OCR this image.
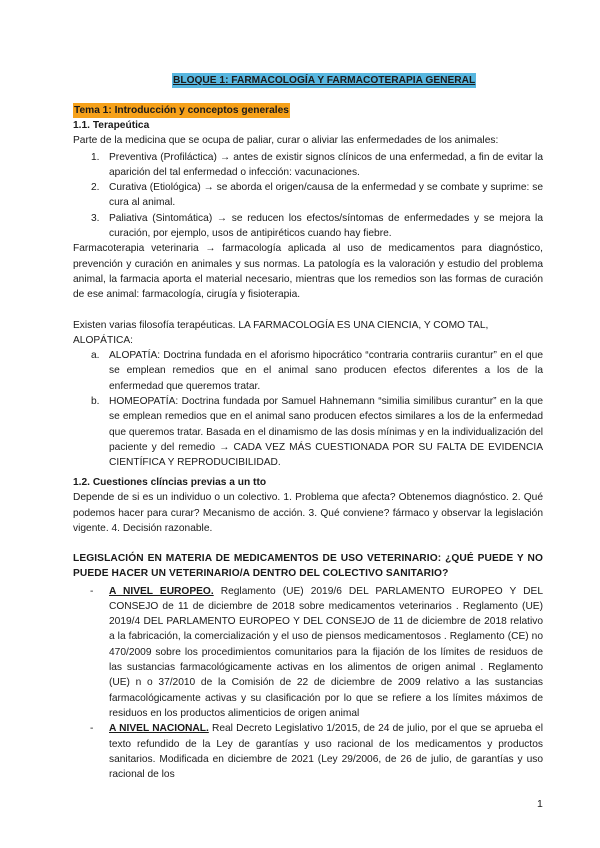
BLOQUE 1: FARMACOLOGÍA Y FARMACOTERAPIA GENERAL
Tema 1: Introducción y conceptos generales
1.1. Terapeútica
Parte de la medicina que se ocupa de paliar, curar o aliviar las enfermedades de los animales:
1. Preventiva (Profiláctica) → antes de existir signos clínicos de una enfermedad, a fin de evitar la aparición del tal enfermedad o infección: vacunaciones.
2. Curativa (Etiológica) → se aborda el origen/causa de la enfermedad y se combate y suprime: se cura al animal.
3. Paliativa (Sintomática) → se reducen los efectos/síntomas de enfermedades y se mejora la curación, por ejemplo, usos de antipiréticos cuando hay fiebre.
Farmacoterapia veterinaria → farmacología aplicada al uso de medicamentos para diagnóstico, prevención y curación en animales y sus normas. La patología es la valoración y estudio del problema animal, la farmacia aporta el material necesario, mientras que los remedios son las formas de curación de ese animal: farmacología, cirugía y fisioterapia.
Existen varias filosofía terapéuticas. LA FARMACOLOGÍA ES UNA CIENCIA, Y COMO TAL, ALOPÁTICA:
a. ALOPATÍA: Doctrina fundada en el aforismo hipocrático “contraria contrariis curantur” en el que se emplean remedios que en el animal sano producen efectos diferentes a los de la enfermedad que queremos tratar.
b. HOMEOPATÍA: Doctrina fundada por Samuel Hahnemann “similia similibus curantur” en la que se emplean remedios que en el animal sano producen efectos similares a los de la enfermedad que queremos tratar. Basada en el dinamismo de las dosis mínimas y en la individualización del paciente y del remedio → CADA VEZ MÁS CUESTIONADA POR SU FALTA DE EVIDENCIA CIENTÍFICA Y REPRODUCIBILIDAD.
1.2. Cuestiones clíncias previas a un tto
Depende de si es un individuo o un colectivo. 1. Problema que afecta? Obtenemos diagnóstico. 2. Qué podemos hacer para curar? Mecanismo de acción. 3. Qué conviene? fármaco y observar la legislación vigente. 4. Decisión razonable.
LEGISLACIÓN EN MATERIA DE MEDICAMENTOS DE USO VETERINARIO: ¿QUÉ PUEDE Y NO PUEDE HACER UN VETERINARIO/A DENTRO DEL COLECTIVO SANITARIO?
- A NIVEL EUROPEO. Reglamento (UE) 2019/6 DEL PARLAMENTO EUROPEO Y DEL CONSEJO de 11 de diciembre de 2018 sobre medicamentos veterinarios . Reglamento (UE) 2019/4 DEL PARLAMENTO EUROPEO Y DEL CONSEJO de 11 de diciembre de 2018 relativo a la fabricación, la comercialización y el uso de piensos medicamentosos . Reglamento (CE) no 470/2009 sobre los procedimientos comunitarios para la fijación de los límites de residuos de las sustancias farmacológicamente activas en los alimentos de origen animal . Reglamento (UE) n o 37/2010 de la Comisión de 22 de diciembre de 2009 relativo a las sustancias farmacológicamente activas y su clasificación por lo que se refiere a los límites máximos de residuos en los productos alimenticios de origen animal
- A NIVEL NACIONAL. Real Decreto Legislativo 1/2015, de 24 de julio, por el que se aprueba el texto refundido de la Ley de garantías y uso racional de los medicamentos y productos sanitarios. Modificada en diciembre de 2021 (Ley 29/2006, de 26 de julio, de garantías y uso racional de los
1
